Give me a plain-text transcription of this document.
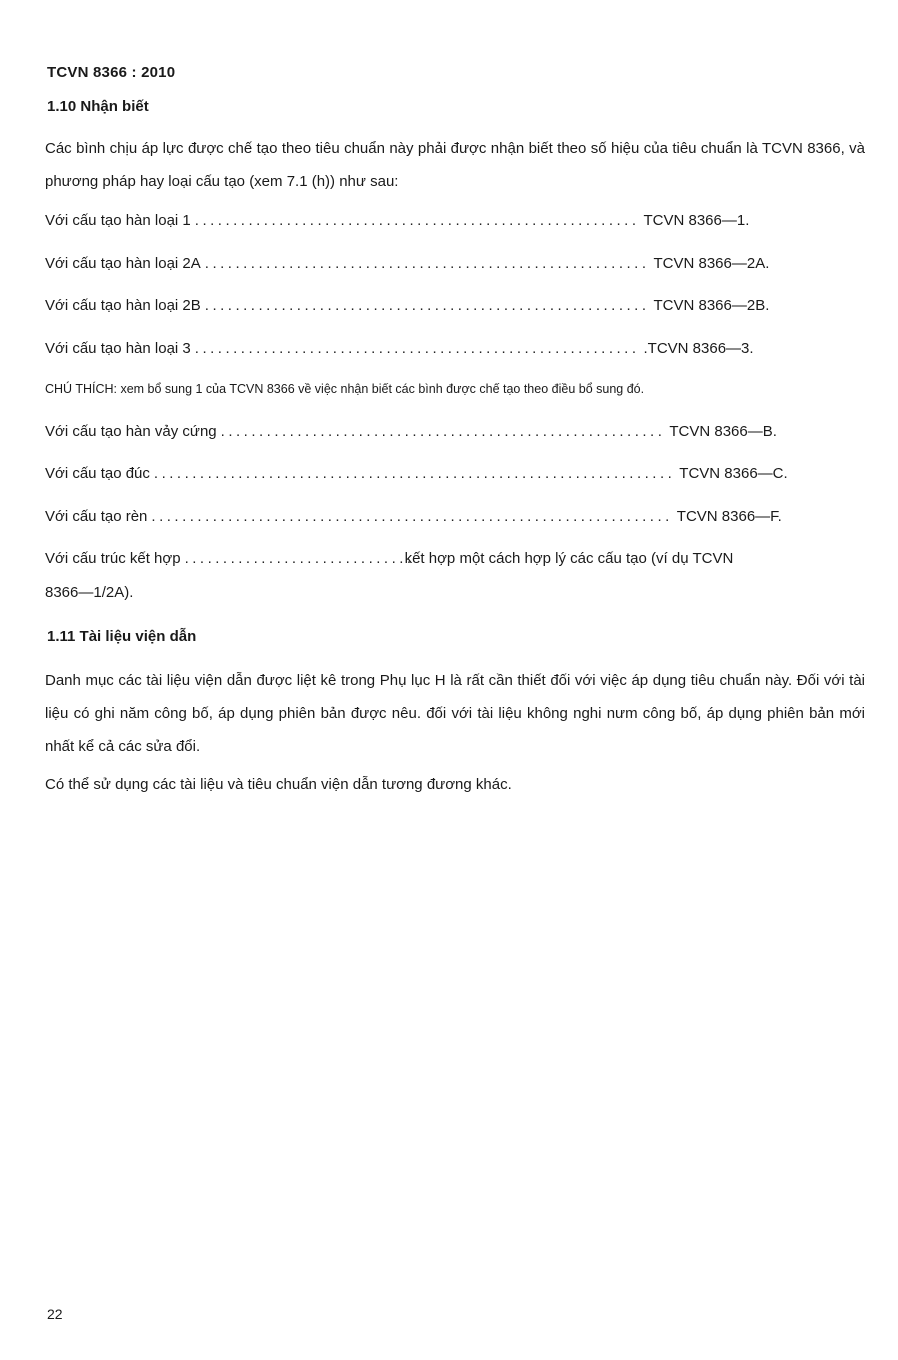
TCVN 8366 : 2010
1.10 Nhận biết
Các bình chịu áp lực được chế tạo theo tiêu chuẩn này phải được nhận biết theo số hiệu của tiêu chuẩn là TCVN 8366, và phương pháp hay loại cấu tạo (xem 7.1 (h)) như sau:
Với cấu tạo hàn loại 1 .......................................................... TCVN 8366—1.
Với cấu tạo hàn loại 2A .......................................................... TCVN 8366—2A.
Với cấu tạo hàn loại 2B .......................................................... TCVN 8366—2B.
Với cấu tạo hàn loại 3 .......................................................... .TCVN 8366—3.
CHÚ THÍCH: xem bổ sung 1 của TCVN 8366 về việc nhận biết các bình được chế tạo theo điều bổ sung đó.
Với cấu tạo hàn vảy cứng .......................................................... TCVN 8366—B.
Với cấu tạo đúc .................................................................... TCVN 8366—C.
Với cấu tạo rèn .................................................................... TCVN 8366—F.
Với cấu trúc kết hợp ..............................
kết hợp một cách hợp lý các cấu tạo (ví dụ TCVN
8366—1/2A).
1.11 Tài liệu viện dẫn
Danh mục các tài liệu viện dẫn được liệt kê trong Phụ lục H là rất cần thiết đối với việc áp dụng tiêu chuẩn này. Đối với tài liệu có ghi năm công bố, áp dụng phiên bản được nêu. đối với tài liệu không nghi nưm công bố, áp dụng phiên bản mới nhất kể cả các sửa đổi.
Có thể sử dụng các tài liệu và tiêu chuẩn viện dẫn tương đương khác.
22
